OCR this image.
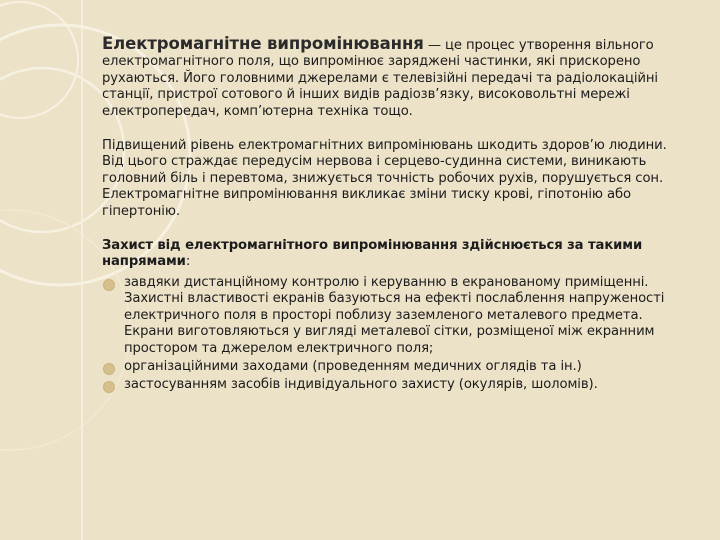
Електромагнітне випромінювання — це процес утворення вільного електромагнітного поля, що випромінює заряджені частинки, які прискорено рухаються. Його головними джерелами є телевізійні передачі та радіолокаційні станції, пристрої сотового й інших видів радіозв’язку, високовольтні мережі електропередач, комп’ютерна техніка тощо.

Підвищений рівень електромагнітних випромінювань шкодить здоров’ю людини. Від цього страждає передусім нервова і серцево-судинна системи, виникають головний біль і перевтома, знижується точність робочих рухів, порушується сон. Електромагнітне випромінювання викликає зміни тиску крові, гіпотонію або гіпертонію.

Захист від електромагнітного випромінювання здійснюється за такими напрямами:
завдяки дистанційному контролю і керуванню в екранованому приміщенні. Захистні властивості екранів базуються на ефекті послаблення напруженості електричного поля в просторі поблизу заземленого металевого предмета. Екрани виготовляються у вигляді металевої сітки, розміщеної між екранним простором та джерелом електричного поля;
організаційними заходами (проведенням медичних оглядів та ін.)
застосуванням засобів індивідуального захисту (окулярів, шоломів).
